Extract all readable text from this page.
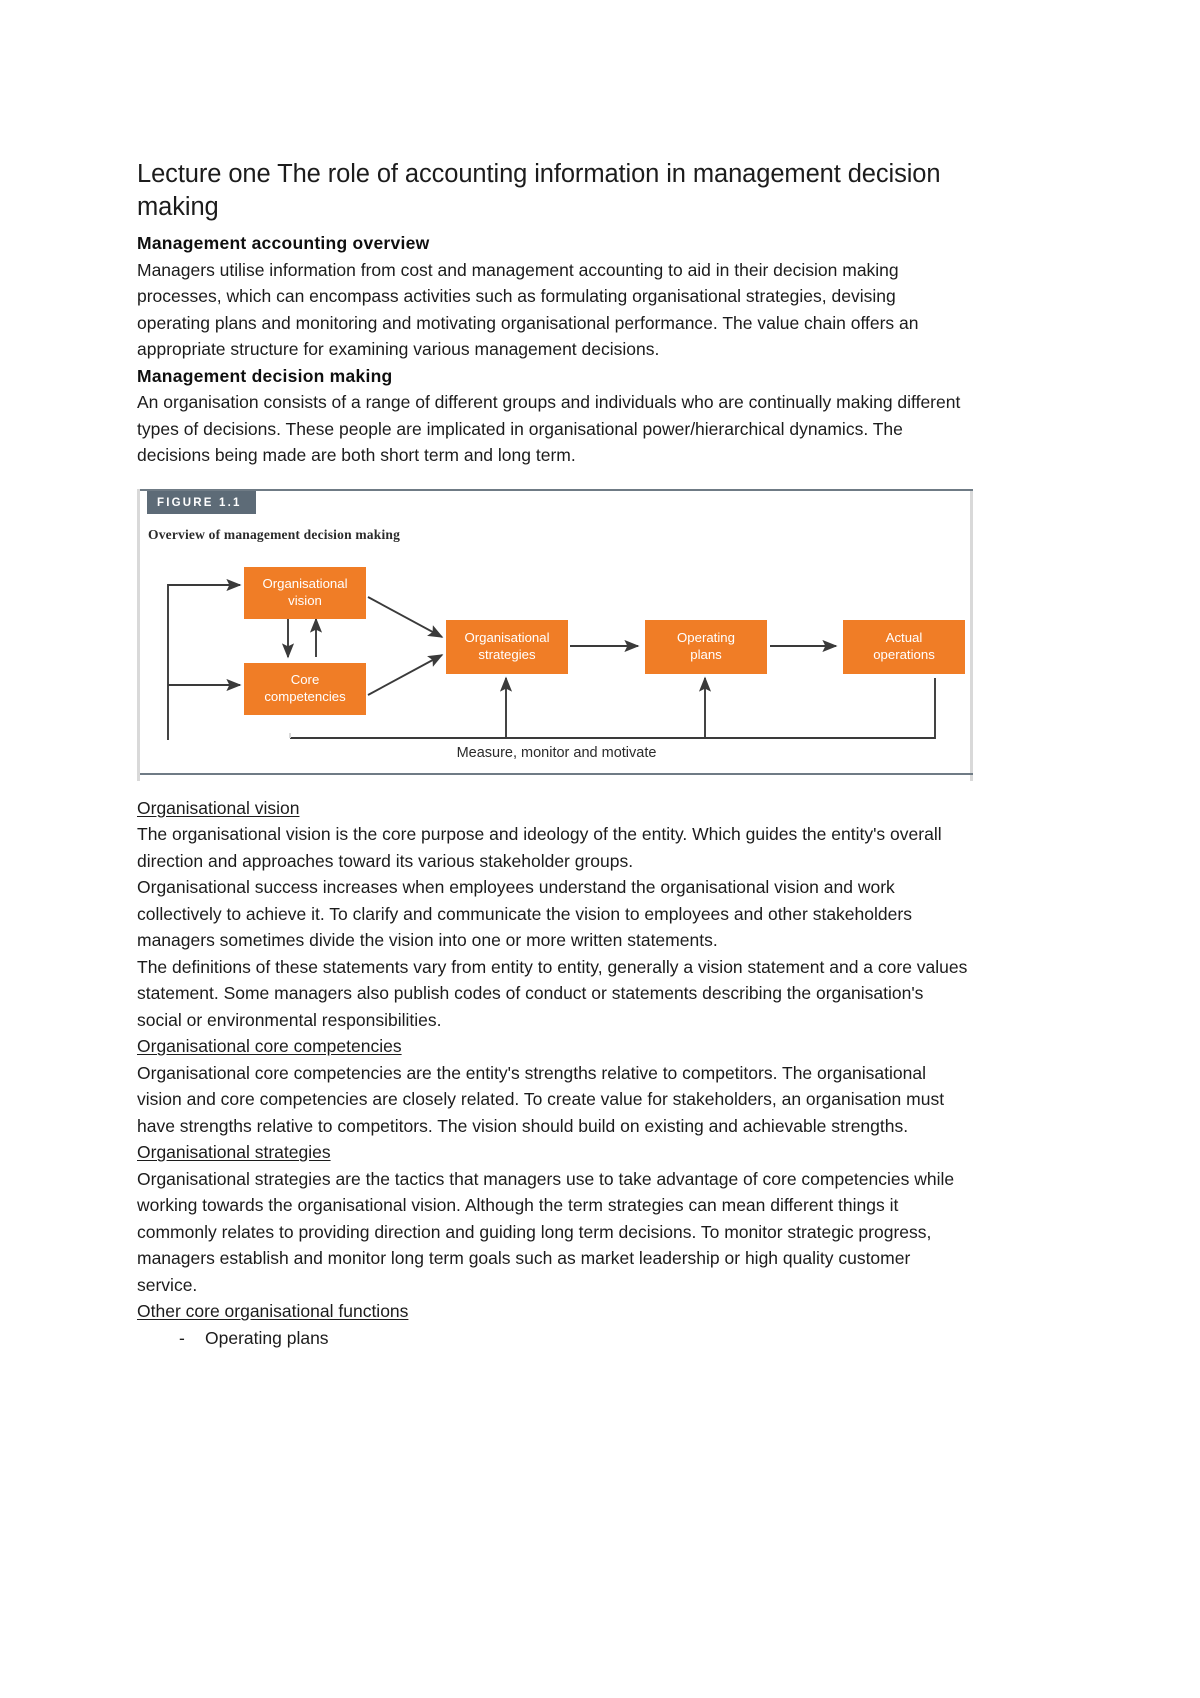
Lecture one The role of accounting information in management decision making
Management accounting overview

Managers utilise information from cost and management accounting to aid in their decision making processes, which can encompass activities such as formulating organisational strategies, devising operating plans and monitoring and motivating organisational performance. The value chain offers an appropriate structure for examining various management decisions.

Management decision making

An organisation consists of a range of different groups and individuals who are continually making different types of decisions. These people are implicated in organisational power/hierarchical dynamics. The decisions being made are both short term and long term.

FIGURE 1.1
Overview of management decision making
Organisational
vision
Core
competencies
Organisational
strategies
Operating
plans
Actual
operations
Measure, monitor and motivate
Organisational vision

The organisational vision is the core purpose and ideology of the entity. Which guides the entity's overall direction and approaches toward its various stakeholder groups.

Organisational success increases when employees understand the organisational vision and work collectively to achieve it. To clarify and communicate the vision to employees and other stakeholders managers sometimes divide the vision into one or more written statements.

The definitions of these statements vary from entity to entity, generally a vision statement and a core values statement. Some managers also publish codes of conduct or statements describing the organisation's social or environmental responsibilities.

Organisational core competencies

Organisational core competencies are the entity's strengths relative to competitors. The organisational vision and core competencies are closely related. To create value for stakeholders, an organisation must have strengths relative to competitors. The vision should build on existing and achievable strengths.

Organisational strategies

Organisational strategies are the tactics that managers use to take advantage of core competencies while working towards the organisational vision. Although the term strategies can mean different things it commonly relates to providing direction and guiding long term decisions. To monitor strategic progress, managers establish and monitor long term goals such as market leadership or high quality customer service.

Other core organisational functions
-	Operating plans
